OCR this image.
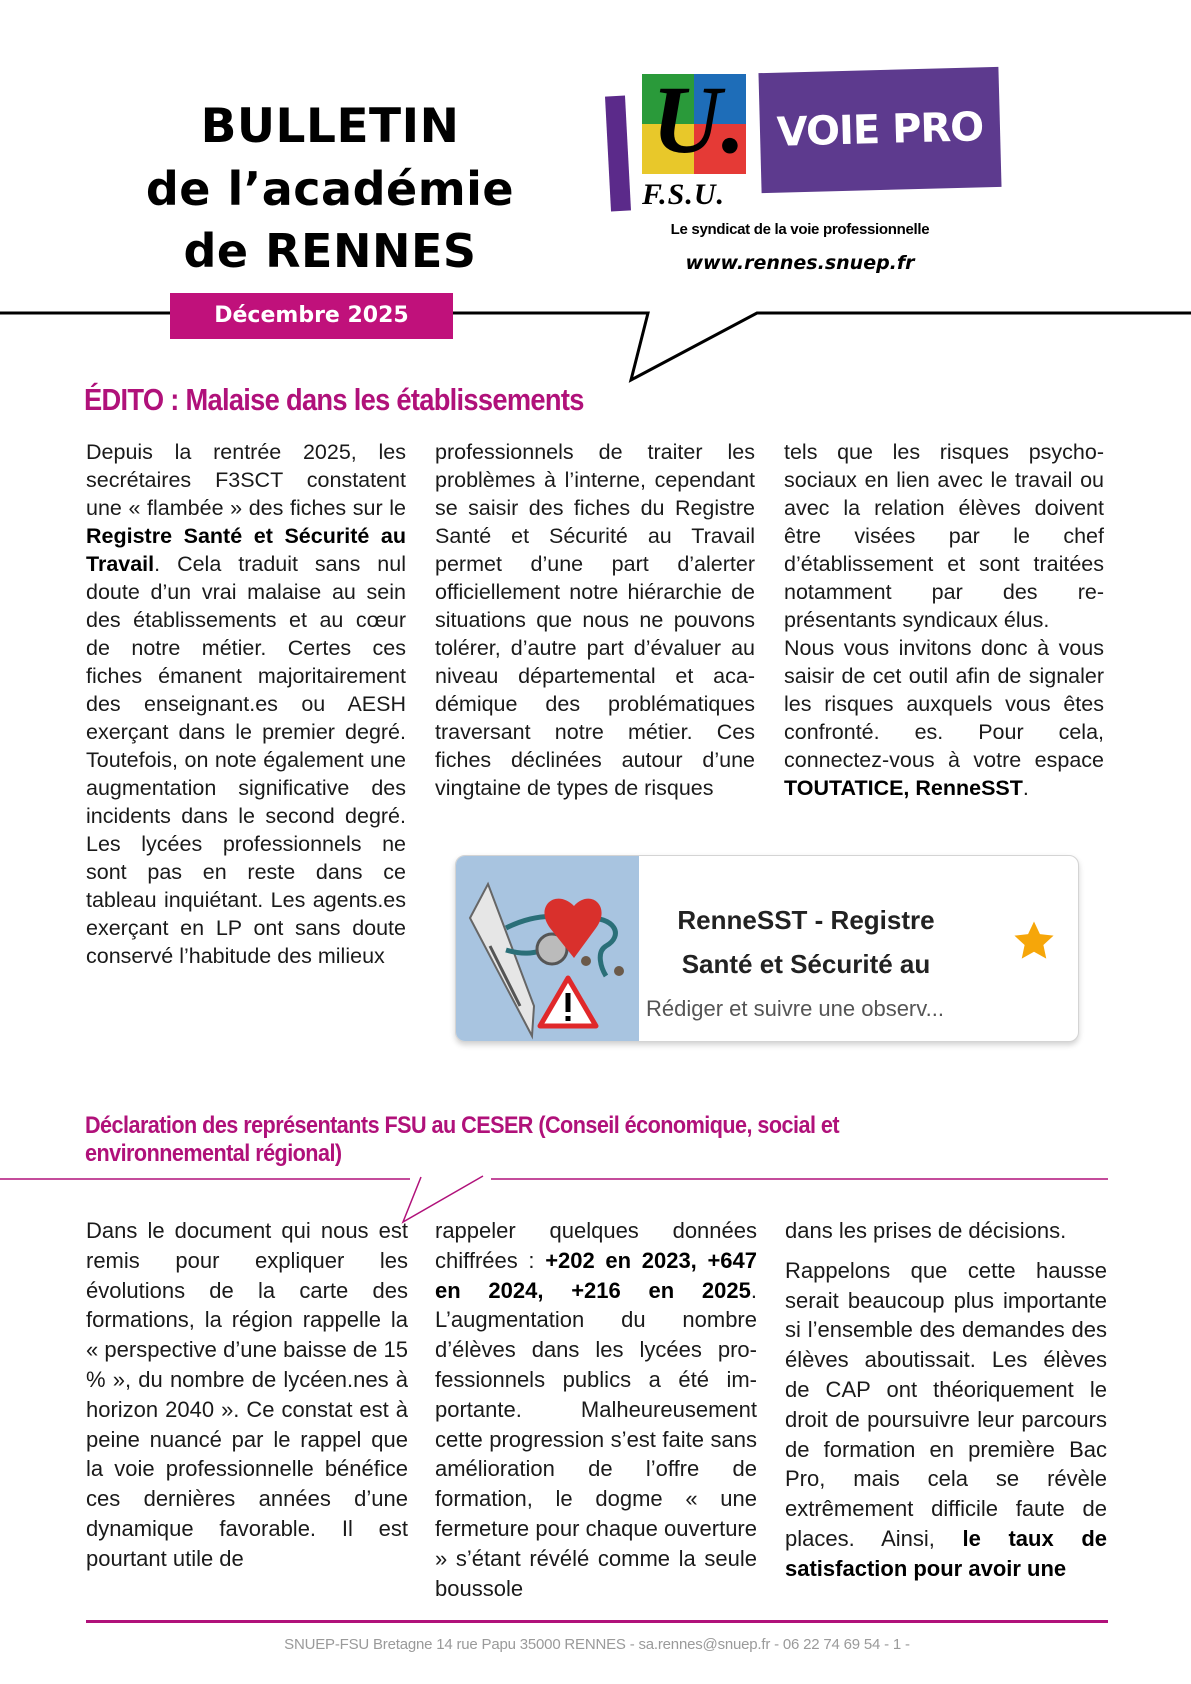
BULLETIN
de l’académie
de RENNES
Décembre 2025
U.
F.S.U.
VOIE PRO
Le syndicat de la voie professionnelle
www.rennes.snuep.fr
ÉDITO : Malaise dans les établissements

Depuis la rentrée 2025, les secrétaires F3SCT constatent une « flambée » des fiches sur le Registre Santé et Sécurité au Travail. Cela traduit sans nul doute d’un vrai malaise au sein des établissements et au cœur de notre métier. Certes ces fiches émanent majoritairement des enseignant.es ou AESH exerçant dans le premier degré. Toutefois, on note également une augmentation significative des incidents dans le second degré. Les lycées professionnels ne sont pas en reste dans ce tableau inquiétant. Les agents.es exerçant en LP ont sans doute conservé l’habitude des milieux

professionnels de traiter les problèmes à l’interne, cependant se saisir des fiches du Registre Santé et Sécurité au Travail permet d’une part d’alerter officiellement notre hiérarchie de situations que nous ne pouvons tolérer, d’autre part d’évaluer au niveau départemental et académique des problématiques traversant notre métier. Ces fiches déclinées autour d’une vingtaine de types de risques

tels que les risques psychosociaux en lien avec le travail ou avec la relation élèves doivent être visées par le chef d’établissement et sont traitées notamment par des représentants syndicaux élus.

Nous vous invitons donc à vous saisir de cet outil afin de signaler les risques auxquels vous êtes confronté. es. Pour cela, connectez-vous à votre espace TOUTATICE, RenneSST.

RenneSST - Registre
Santé et Sécurité au
Rédiger et suivre une observ...
Déclaration des représentants FSU au CESER (Conseil économique, social et environnemental régional)

Dans le document qui nous est remis pour expliquer les évolutions de la carte des formations, la région rappelle la « perspective d’une baisse de 15 % », du nombre de lycéen.nes à horizon 2040 ». Ce constat est à peine nuancé par le rappel que la voie professionnelle bénéfice ces dernières années d’une dynamique favorable. Il est pourtant utile de

rappeler quelques données chiffrées : +202 en 2023, +647 en 2024, +216 en 2025. L’augmentation du nombre d’élèves dans les lycées professionnels publics a été importante. Malheureusement cette progression s’est faite sans amélioration de l’offre de formation, le dogme « une fermeture pour chaque ouverture » s’étant révélé comme la seule boussole

dans les prises de décisions.

Rappelons que cette hausse serait beaucoup plus importante si l’ensemble des demandes des élèves aboutissait. Les élèves de CAP ont théoriquement le droit de poursuivre leur parcours de formation en première Bac Pro, mais cela se révèle extrêmement difficile faute de places. Ainsi, le taux de satisfaction pour avoir une

SNUEP-FSU Bretagne 14 rue Papu 35000 RENNES - sa.rennes@snuep.fr - 06 22 74 69 54 - 1 -
